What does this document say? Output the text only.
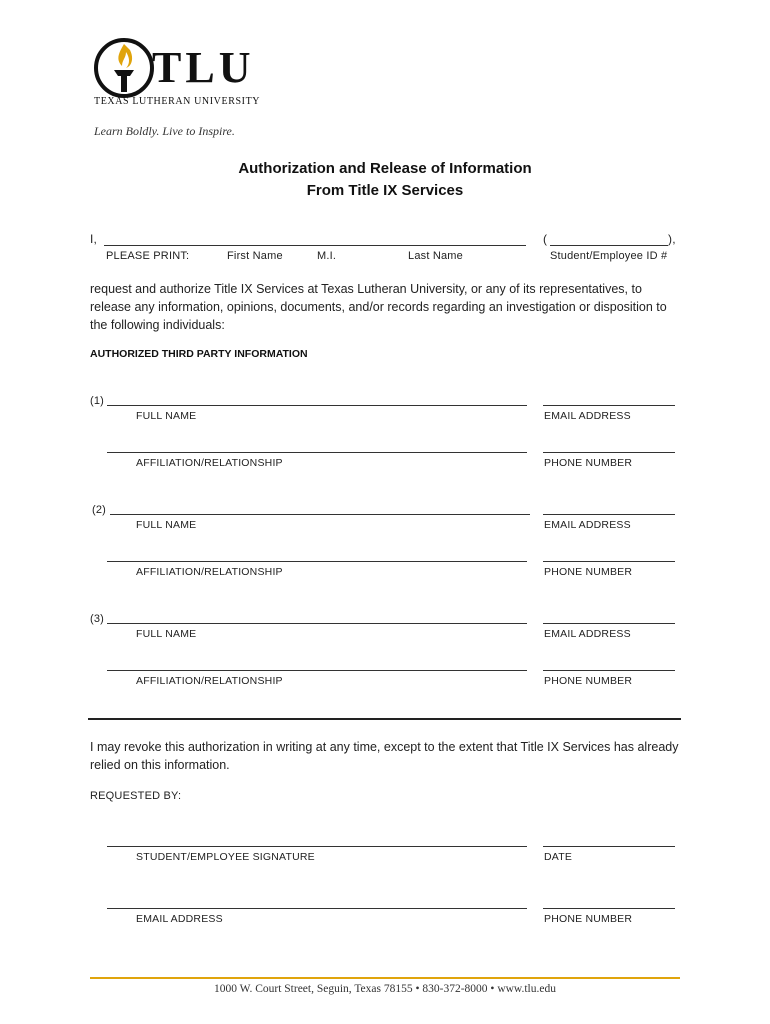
TLU
TEXAS LUTHERAN UNIVERSITY
Learn Boldly. Live to Inspire.
Authorization and Release of Information
From Title IX Services
I,	(	),
PLEASE PRINT:	First Name	M.I.	Last Name	Student/Employee ID #
request and authorize Title IX Services at Texas Lutheran University, or any of its representatives, to release any information, opinions, documents, and/or records regarding an investigation or disposition to the following individuals:
AUTHORIZED THIRD PARTY INFORMATION
(1)
FULL NAME	EMAIL ADDRESS
AFFILIATION/RELATIONSHIP	PHONE NUMBER
(2)
FULL NAME	EMAIL ADDRESS
AFFILIATION/RELATIONSHIP	PHONE NUMBER
(3)
FULL NAME	EMAIL ADDRESS
AFFILIATION/RELATIONSHIP	PHONE NUMBER
I may revoke this authorization in writing at any time, except to the extent that Title IX Services has already relied on this information.
REQUESTED BY:
STUDENT/EMPLOYEE SIGNATURE	DATE
EMAIL ADDRESS	PHONE NUMBER
1000 W. Court Street, Seguin, Texas 78155 • 830-372-8000 • www.tlu.edu
